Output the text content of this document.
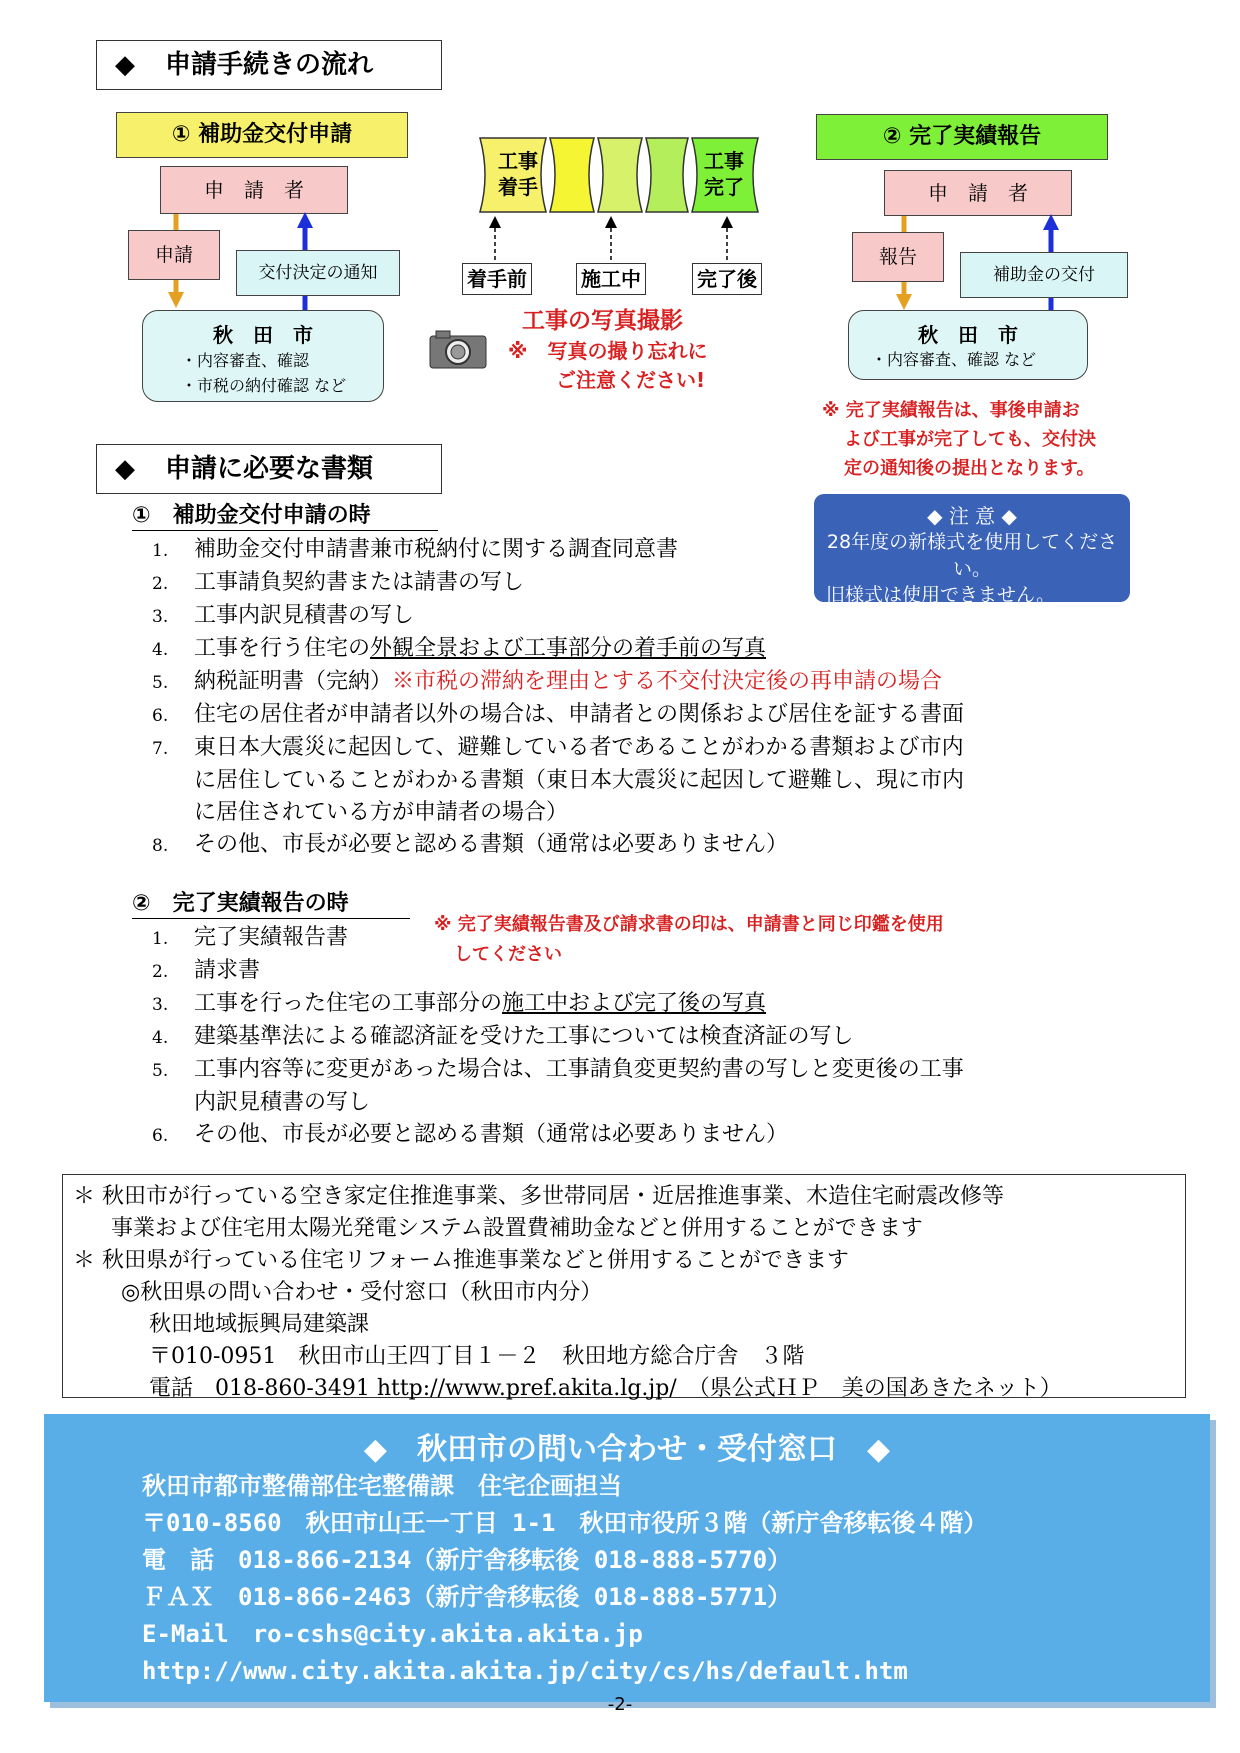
◆ 申請手続きの流れ
① 補助金交付申請
申　請　者
申請
交付決定の通知
秋　田　市
・内容審査、確認
・市税の納付確認 など
工事
着手
工事
完了
着手前	施工中	完了後
工事の写真撮影
※　写真の撮り忘れに
ご注意ください!
② 完了実績報告
申　請　者
報告
補助金の交付
秋　田　市
・内容審査、確認 など
※ 完了実績報告は、事後申請お
よび工事が完了しても、交付決
定の通知後の提出となります。
◆ 注 意 ◆
28年度の新様式を使用してください。
旧様式は使用できません。
◆ 申請に必要な書類
①　補助金交付申請の時
1. 補助金交付申請書兼市税納付に関する調査同意書
2. 工事請負契約書または請書の写し
3. 工事内訳見積書の写し
4. 工事を行う住宅の外観全景および工事部分の着手前の写真
5. 納税証明書（完納）※市税の滞納を理由とする不交付決定後の再申請の場合
6. 住宅の居住者が申請者以外の場合は、申請者との関係および居住を証する書面
7. 東日本大震災に起因して、避難している者であることがわかる書類および市内
に居住していることがわかる書類（東日本大震災に起因して避難し、現に市内
に居住されている方が申請者の場合）
8. その他、市長が必要と認める書類（通常は必要ありません）
②　完了実績報告の時
※ 完了実績報告書及び請求書の印は、申請書と同じ印鑑を使用
してください
1. 完了実績報告書
2. 請求書
3. 工事を行った住宅の工事部分の施工中および完了後の写真
4. 建築基準法による確認済証を受けた工事については検査済証の写し
5. 工事内容等に変更があった場合は、工事請負変更契約書の写しと変更後の工事
内訳見積書の写し
6. その他、市長が必要と認める書類（通常は必要ありません）
＊ 秋田市が行っている空き家定住推進事業、多世帯同居・近居推進事業、木造住宅耐震改修等
事業および住宅用太陽光発電システム設置費補助金などと併用することができます
＊ 秋田県が行っている住宅リフォーム推進事業などと併用することができます
◎秋田県の問い合わせ・受付窓口（秋田市内分）
秋田地域振興局建築課
〒010-0951　秋田市山王四丁目１－２　秋田地方総合庁舎　３階
電話　018-860-3491 http://www.pref.akita.lg.jp/　（県公式ＨＰ　美の国あきたネット）
◆　秋田市の問い合わせ・受付窓口　◆
秋田市都市整備部住宅整備課　住宅企画担当
〒010-8560　秋田市山王一丁目 1-1　秋田市役所３階（新庁舎移転後４階）
電　話　018-866-2134（新庁舎移転後 018-888-5770）
ＦＡＸ　018-866-2463（新庁舎移転後 018-888-5771）
E-Mail　ro-cshs@city.akita.akita.jp
http://www.city.akita.akita.jp/city/cs/hs/default.htm
-2-
